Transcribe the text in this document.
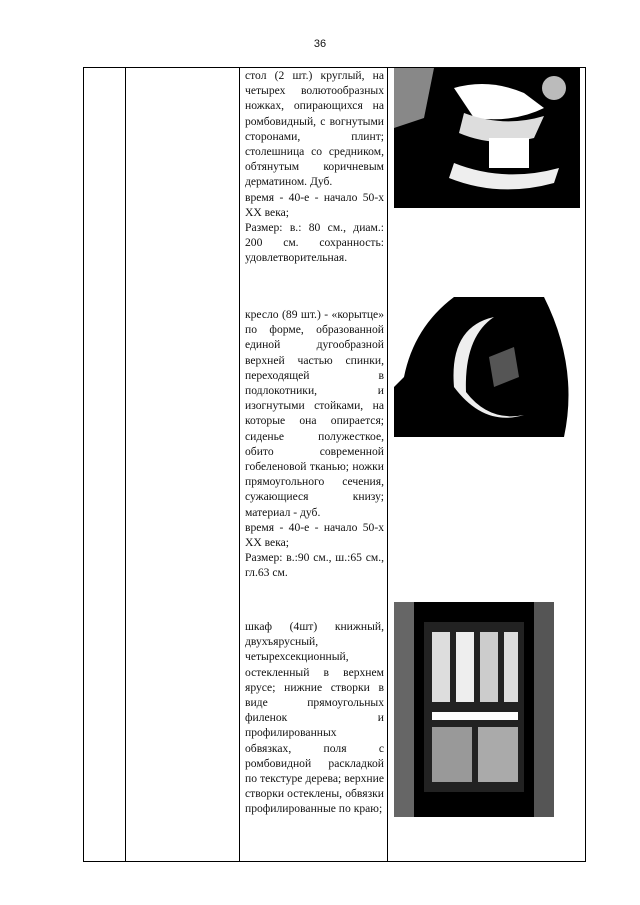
36

стол (2 шт.) круглый, на четырех волютообразных ножках, опирающихся на ромбовидный, с вогнутыми сторонами, плинт; столешница со средником, обтянутым коричневым дерматином. Дуб.

время - 40-е - начало 50-х XX века;

Размер: в.: 80 см., диам.: 200 см. сохранность: удовлетворительная.

кресло (89 шт.) - «корытце» по форме, образованной единой дугообразной верхней частью спинки, переходящей в подлокотники, и изогнутыми стойками, на которые она опирается; сиденье полужесткое, обито современной гобеленовой тканью; ножки прямоугольного сечения, сужающиеся книзу; материал - дуб.

время - 40-е - начало 50-х XX века;

Размер: в.:90 см., ш.:65 см., гл.63 см.

шкаф (4шт) книжный, двухъярусный, четырехсекционный, остекленный в верхнем ярусе; нижние створки в виде прямоугольных филенок и профилированных обвязках, поля с ромбовидной раскладкой по текстуре дерева; верхние створки остеклены, обвязки профилированные по краю;
